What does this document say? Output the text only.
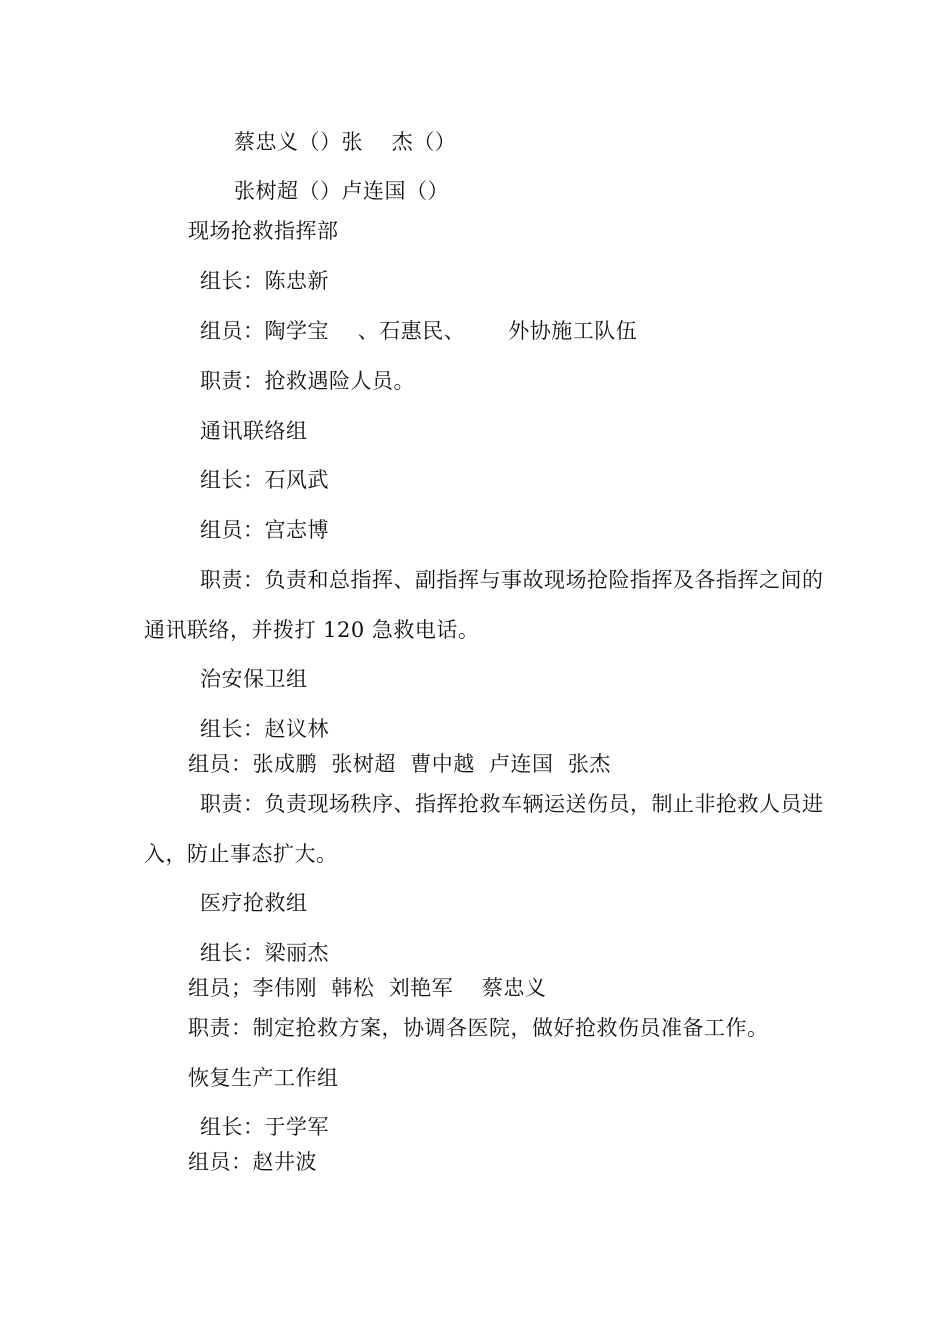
蔡忠义（）张    杰（）
张树超（）卢连国（）
现场抢救指挥部
组长：陈忠新
组员：陶学宝    、石惠民、      外协施工队伍
职责：抢救遇险人员。
通讯联络组
组长：石风武
组员：宫志博
职责：负责和总指挥、副指挥与事故现场抢险指挥及各指挥之间的
通讯联络，并拨打 120 急救电话。
治安保卫组
组长：赵议林
组员：张成鹏  张树超  曹中越  卢连国  张杰
职责：负责现场秩序、指挥抢救车辆运送伤员，制止非抢救人员进
入，防止事态扩大。
医疗抢救组
组长：梁丽杰
组员；李伟刚  韩松  刘艳军    蔡忠义
职责：制定抢救方案，协调各医院，做好抢救伤员准备工作。
恢复生产工作组
组长：于学军
组员：赵井波
